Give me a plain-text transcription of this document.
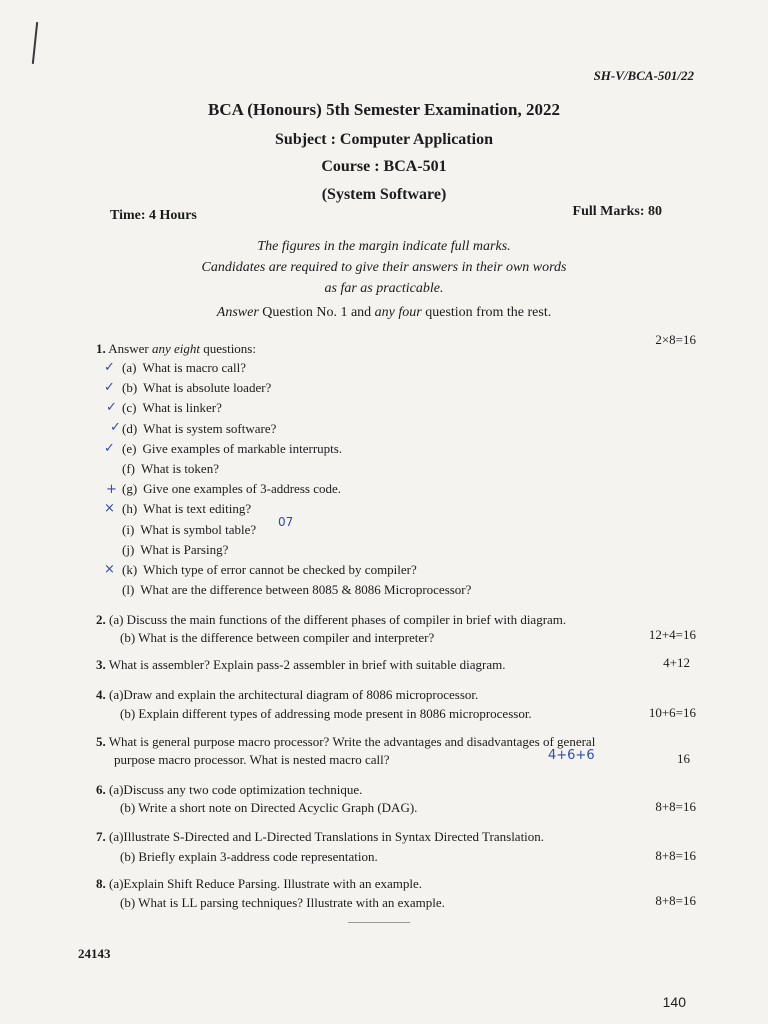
SH-V/BCA-501/22
BCA (Honours) 5th Semester Examination, 2022
Subject : Computer Application
Course : BCA-501
(System Software)
Time: 4 Hours	Full Marks: 80
The figures in the margin indicate full marks.
Candidates are required to give their answers in their own words
as far as practicable.
Answer Question No. 1 and any four question from the rest.
1. Answer any eight questions:
2×8=16
(a) What is macro call?
(b) What is absolute loader?
(c) What is linker?
(d) What is system software?
(e) Give examples of markable interrupts.
(f) What is token?
(g) Give one examples of 3-address code.
(h) What is text editing?
(i) What is symbol table?
(j) What is Parsing?
(k) Which type of error cannot be checked by compiler?
(l) What are the difference between 8085 & 8086 Microprocessor?
✓
✓
✓
✓
✓
+
×
×
07
2. (a) Discuss the main functions of the different phases of compiler in brief with diagram.
(b) What is the difference between compiler and interpreter?	12+4=16
3. What is assembler? Explain pass-2 assembler in brief with suitable diagram.	4+12
4. (a)Draw and explain the architectural diagram of 8086 microprocessor.
(b) Explain different types of addressing mode present in 8086 microprocessor.	10+6=16
5. What is general purpose macro processor? Write the advantages and disadvantages of general
purpose macro processor. What is nested macro call?	4+6+6	16
6. (a)Discuss any two code optimization technique.
(b) Write a short note on Directed Acyclic Graph (DAG).	8+8=16
7. (a)Illustrate S-Directed and L-Directed Translations in Syntax Directed Translation.
(b) Briefly explain 3-address code representation.	8+8=16
8. (a)Explain Shift Reduce Parsing. Illustrate with an example.
(b) What is LL parsing techniques? Illustrate with an example.	8+8=16
24143
140
